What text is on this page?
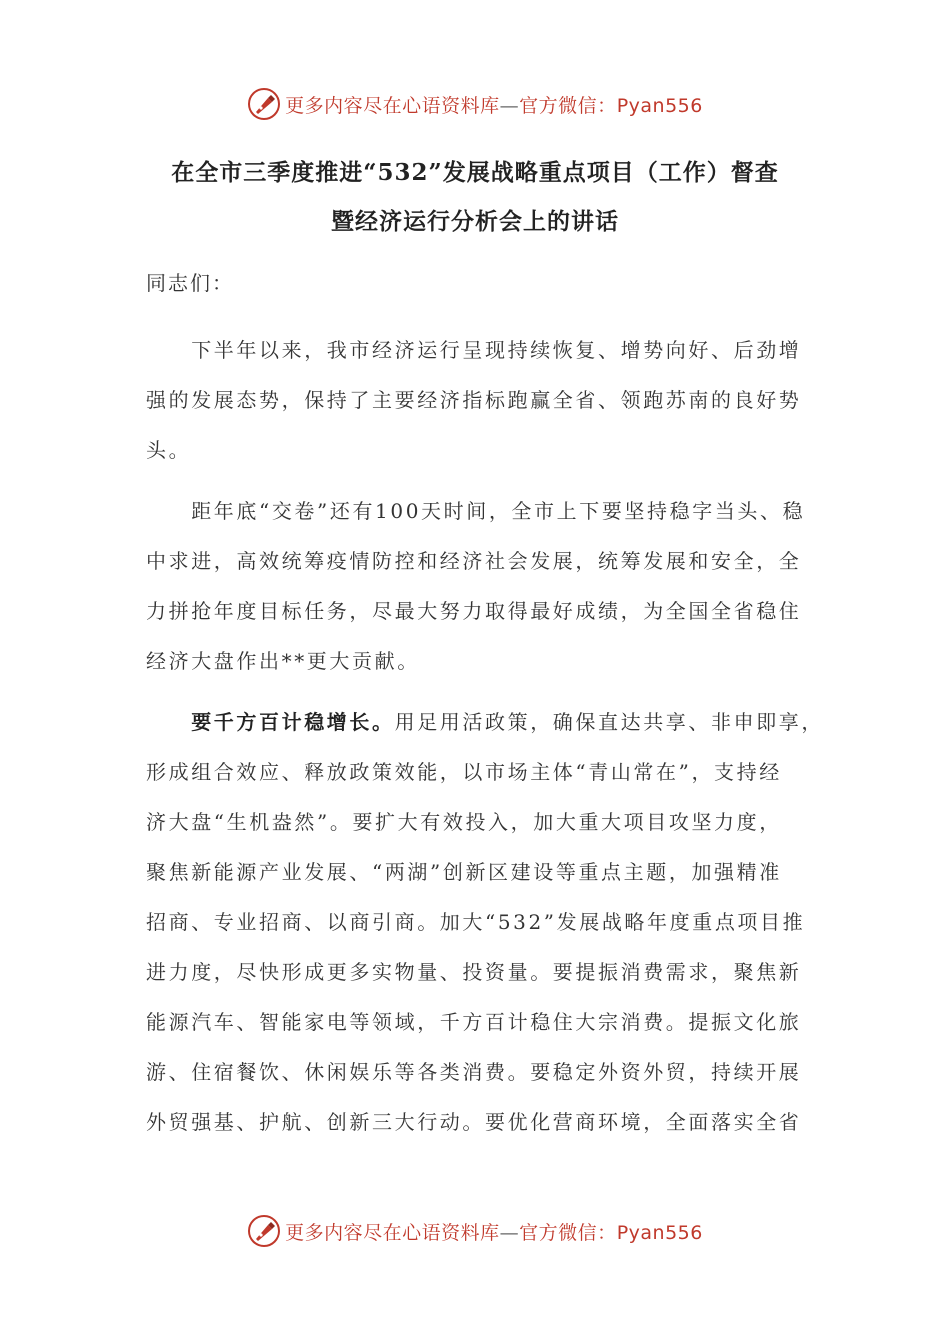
更多内容尽在心语资料库—官方微信：Pyan556
在全市三季度推进“532”发展战略重点项目（工作）督查
暨经济运行分析会上的讲话
同志们：
　　下半年以来，我市经济运行呈现持续恢复、增势向好、后劲增
强的发展态势，保持了主要经济指标跑赢全省、领跑苏南的良好势
头。
　　距年底“交卷”还有100天时间，全市上下要坚持稳字当头、稳
中求进，高效统筹疫情防控和经济社会发展，统筹发展和安全，全
力拼抢年度目标任务，尽最大努力取得最好成绩，为全国全省稳住
经济大盘作出**更大贡献。
　　要千方百计稳增长。用足用活政策，确保直达共享、非申即享，
形成组合效应、释放政策效能，以市场主体“青山常在”，支持经
济大盘“生机盎然”。要扩大有效投入，加大重大项目攻坚力度，
聚焦新能源产业发展、“两湖”创新区建设等重点主题，加强精准
招商、专业招商、以商引商。加大“532”发展战略年度重点项目推
进力度，尽快形成更多实物量、投资量。要提振消费需求，聚焦新
能源汽车、智能家电等领域，千方百计稳住大宗消费。提振文化旅
游、住宿餐饮、休闲娱乐等各类消费。要稳定外资外贸，持续开展
外贸强基、护航、创新三大行动。要优化营商环境，全面落实全省
更多内容尽在心语资料库—官方微信：Pyan556
